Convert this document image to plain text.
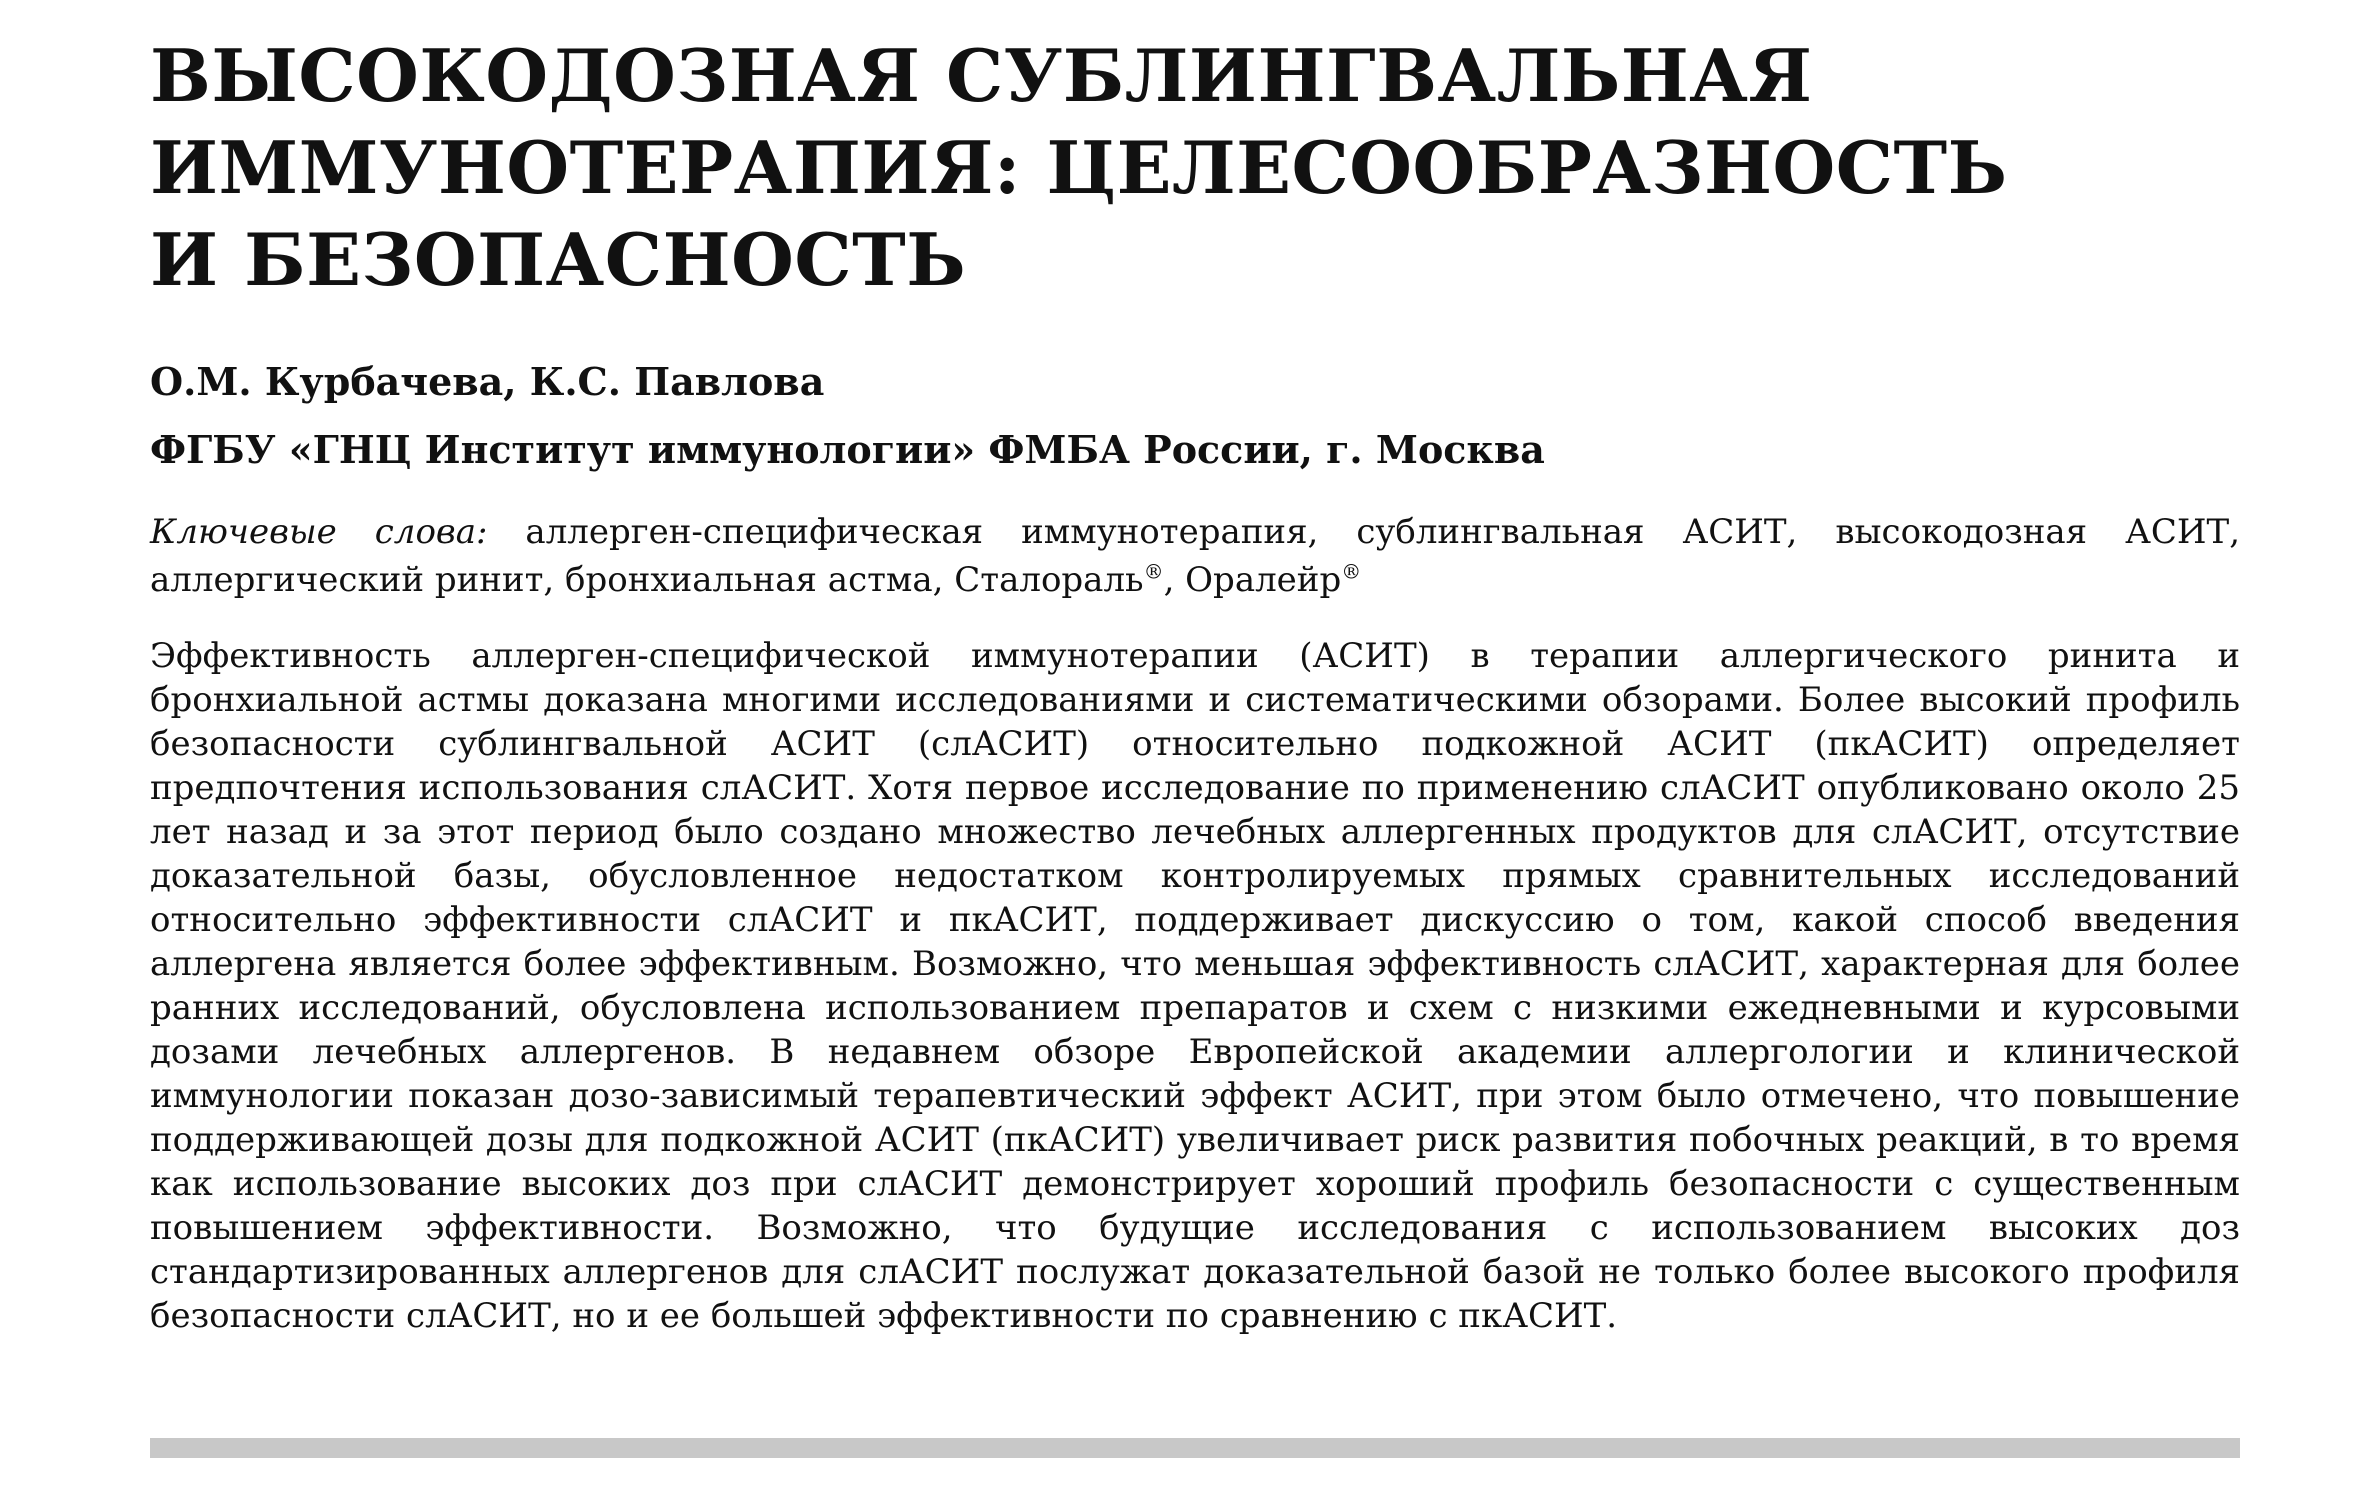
ВЫСОКОДОЗНАЯ СУБЛИНГВАЛЬНАЯ
ИММУНОТЕРАПИЯ: ЦЕЛЕСООБРАЗНОСТЬ
И БЕЗОПАСНОСТЬ

О.М. Курбачева, К.С. Павлова

ФГБУ «ГНЦ Институт иммунологии» ФМБА России, г. Москва

Ключевые слова: аллерген-специфическая иммунотерапия, сублингвальная АСИТ, высокодозная АСИТ, аллергический ринит, бронхиальная астма, Сталораль®, Оралейр®

Эффективность аллерген-специфической иммунотерапии (АСИТ) в терапии аллергического ринита и бронхиальной астмы доказана многими исследованиями и систематическими обзорами. Более высокий профиль безопасности сублингвальной АСИТ (слАСИТ) относительно подкожной АСИТ (пкАСИТ) определяет предпочтения использования слАСИТ. Хотя первое исследование по применению слАСИТ опубликовано около 25 лет назад и за этот период было создано множество лечебных аллергенных продуктов для слАСИТ, отсутствие доказательной базы, обусловленное недостатком контролируемых прямых сравнительных исследований относительно эффективности слАСИТ и пкАСИТ, поддерживает дискуссию о том, какой способ введения аллергена является более эффективным. Возможно, что меньшая эффективность слАСИТ, характерная для более ранних исследований, обусловлена использованием препаратов и схем с низкими ежедневными и курсовыми дозами лечебных аллергенов. В недавнем обзоре Европейской академии аллергологии и клинической иммунологии показан дозо-зависимый терапевтический эффект АСИТ, при этом было отмечено, что повышение поддерживающей дозы для подкожной АСИТ (пкАСИТ) увеличивает риск развития побочных реакций, в то время как использование высоких доз при слАСИТ демонстрирует хороший профиль безопасности с существенным повышением эффективности. Возможно, что будущие исследования с использованием высоких доз стандартизированных аллергенов для слАСИТ послужат доказательной базой не только более высокого профиля безопасности слАСИТ, но и ее большей эффективности по сравнению с пкАСИТ.
